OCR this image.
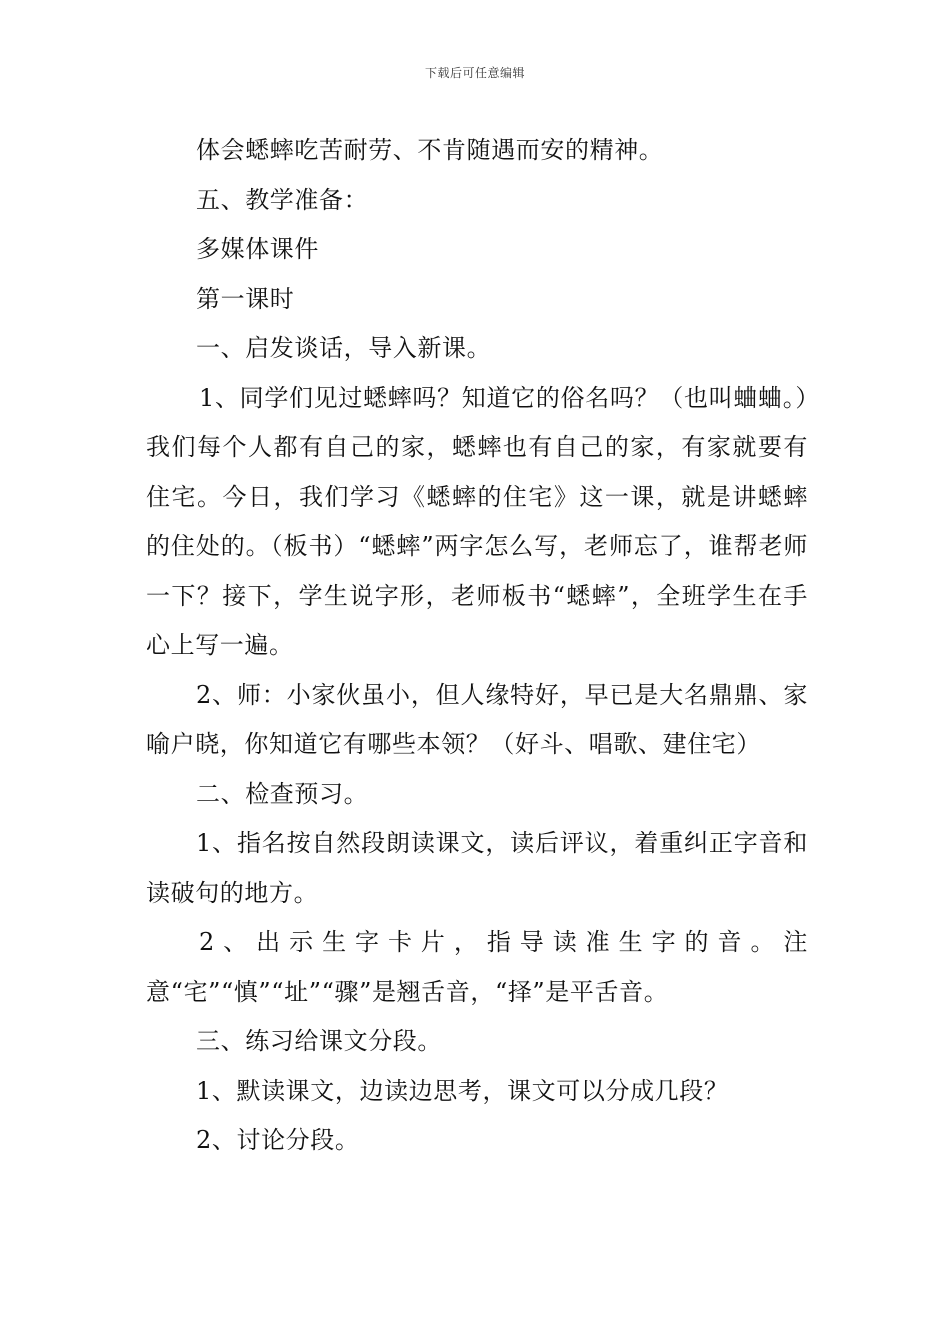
下载后可任意编辑

体会蟋蟀吃苦耐劳、不肯随遇而安的精神。

五、教学准备：

多媒体课件

第一课时

一、启发谈话，导入新课。

1、同学们见过蟋蟀吗？知道它的俗名吗？（也叫蛐蛐。）我们每个人都有自己的家，蟋蟀也有自己的家，有家就要有住宅。今日，我们学习《蟋蟀的住宅》这一课，就是讲蟋蟀的住处的。（板书）“蟋蟀”两字怎么写，老师忘了，谁帮老师一下？接下，学生说字形，老师板书“蟋蟀”，全班学生在手心上写一遍。

2、师：小家伙虽小，但人缘特好，早已是大名鼎鼎、家喻户晓，你知道它有哪些本领？（好斗、唱歌、建住宅）

二、检查预习。

1、指名按自然段朗读课文，读后评议，着重纠正字音和读破句的地方。

2、出示生字卡片，指导读准生字的音。注意“宅”“慎”“址”“骤”是翘舌音，“择”是平舌音。

三、练习给课文分段。

1、默读课文，边读边思考，课文可以分成几段？

2、讨论分段。
